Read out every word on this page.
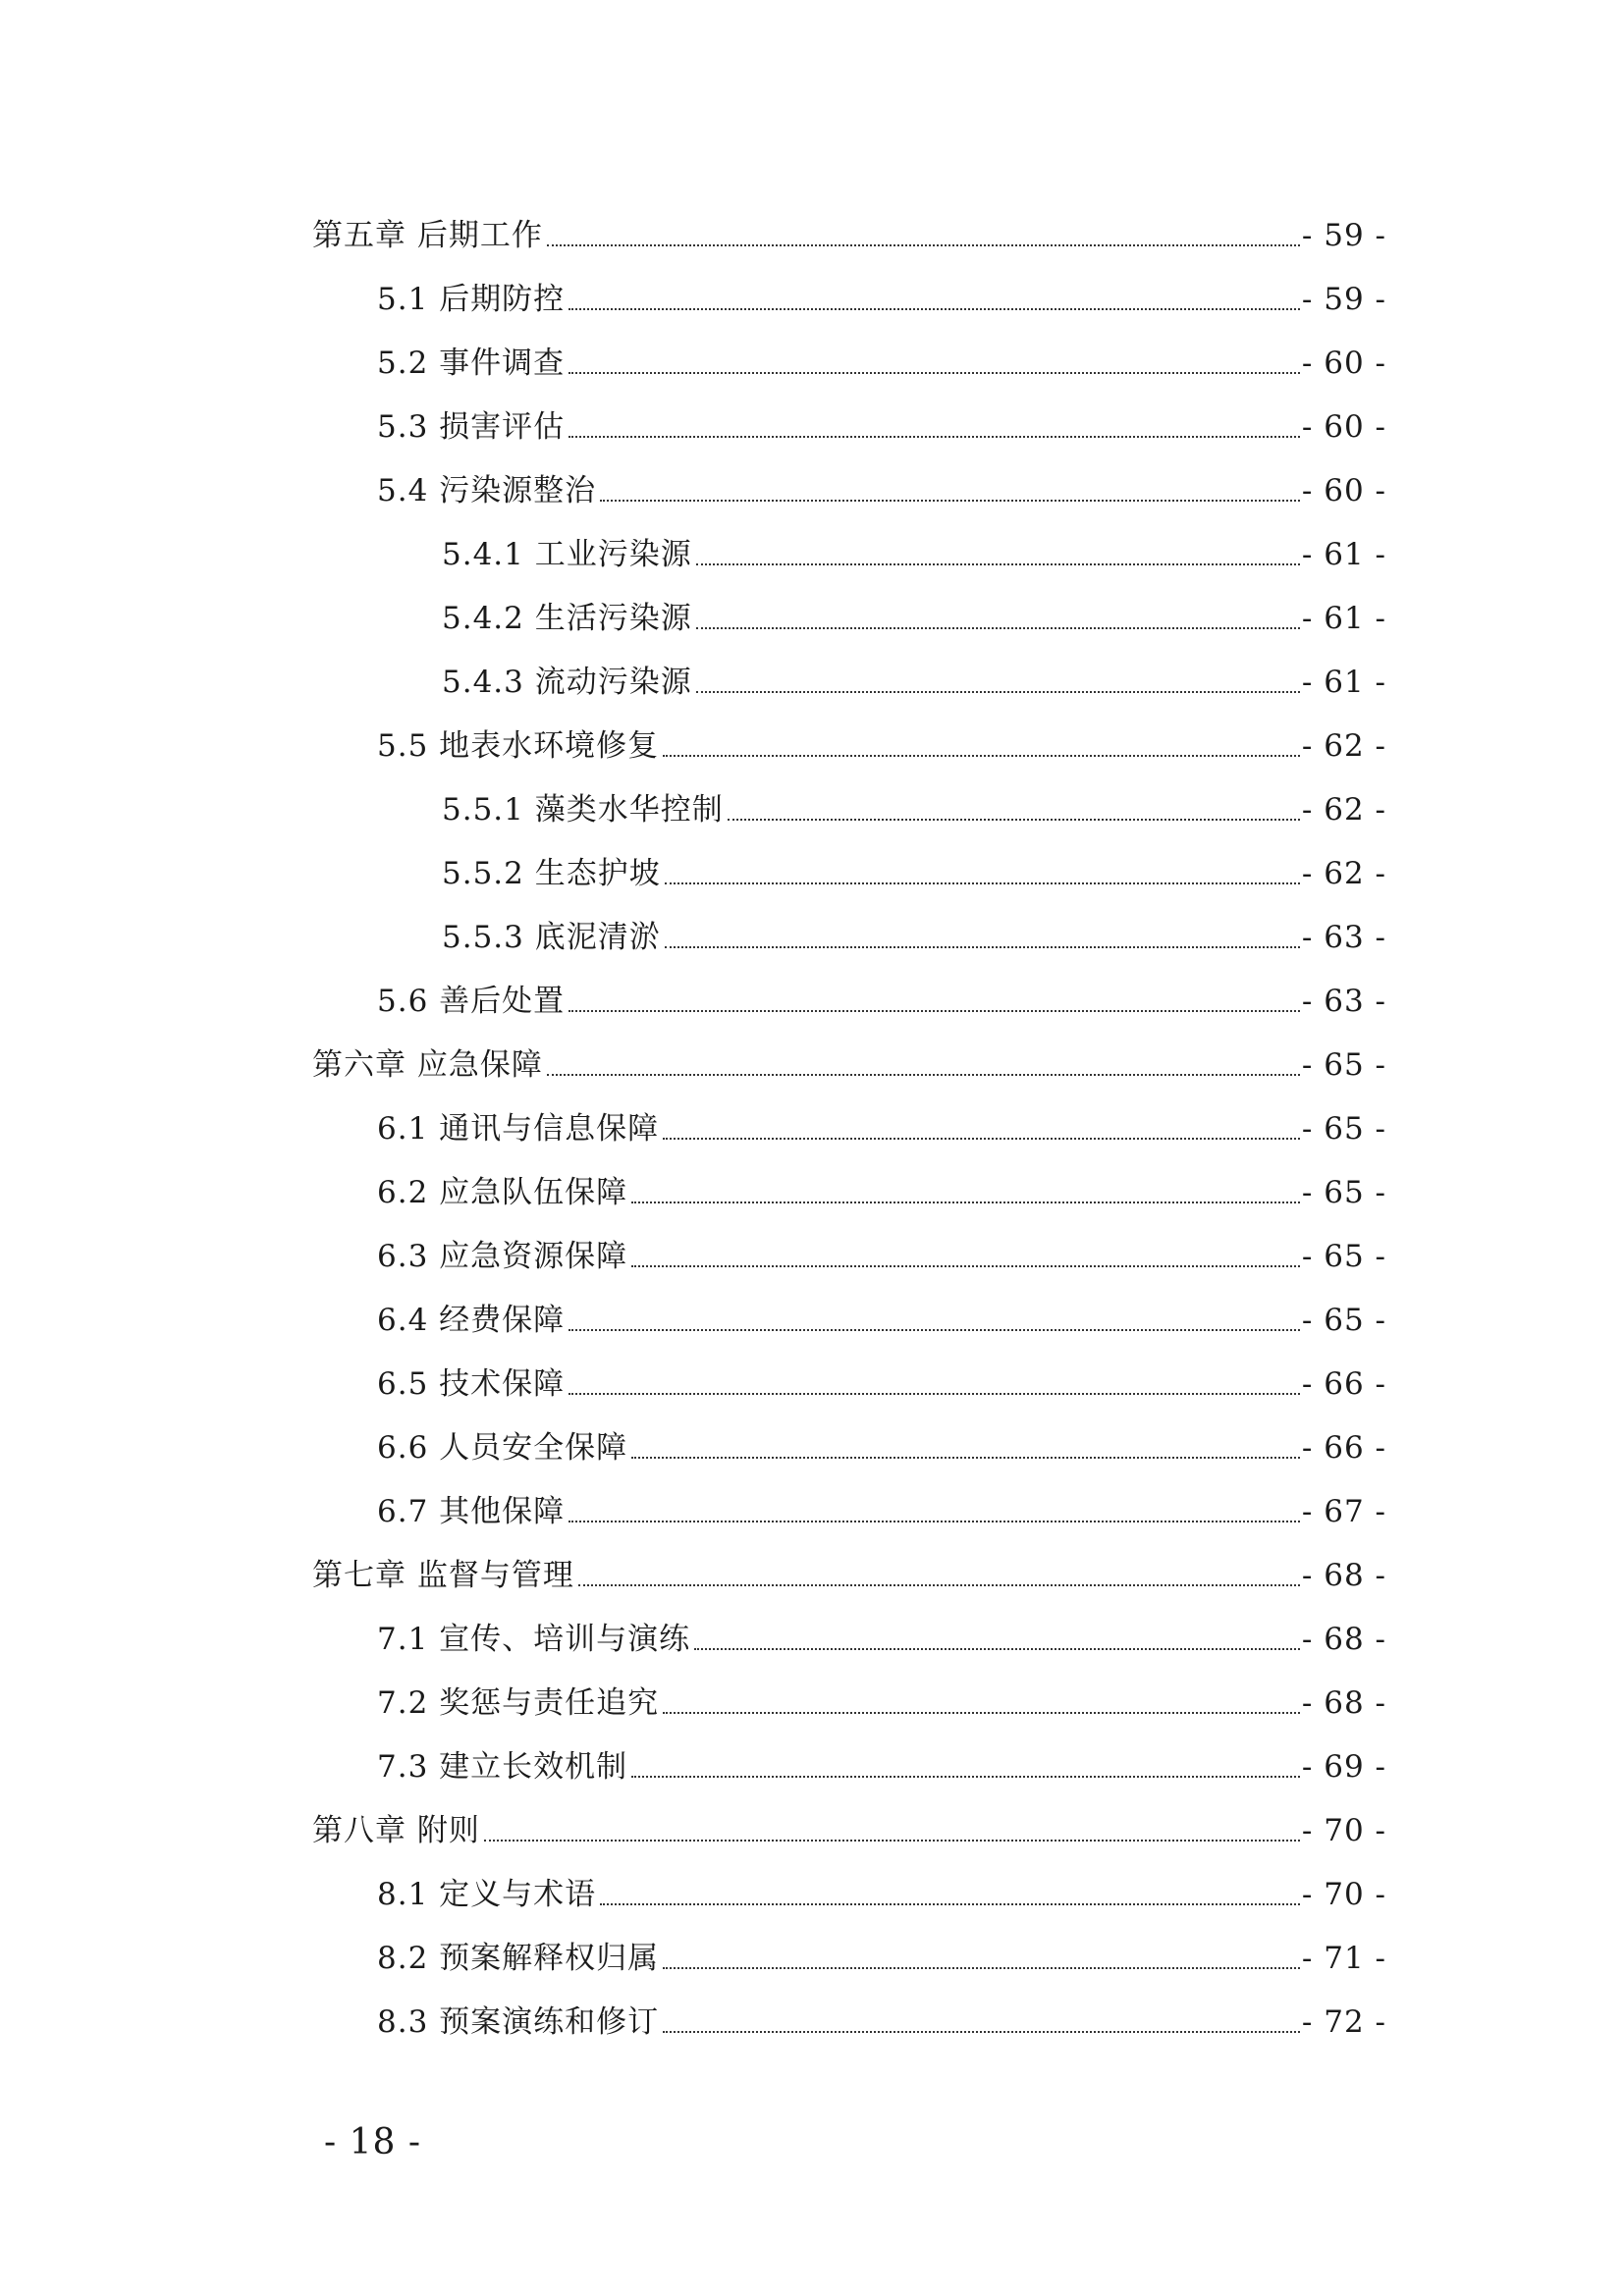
第五章 后期工作	- 59 -
5.1 后期防控	- 59 -
5.2 事件调查	- 60 -
5.3 损害评估	- 60 -
5.4 污染源整治	- 60 -
5.4.1 工业污染源	- 61 -
5.4.2 生活污染源	- 61 -
5.4.3 流动污染源	- 61 -
5.5 地表水环境修复	- 62 -
5.5.1 藻类水华控制	- 62 -
5.5.2 生态护坡	- 62 -
5.5.3 底泥清淤	- 63 -
5.6 善后处置	- 63 -
第六章 应急保障	- 65 -
6.1 通讯与信息保障	- 65 -
6.2 应急队伍保障	- 65 -
6.3 应急资源保障	- 65 -
6.4 经费保障	- 65 -
6.5 技术保障	- 66 -
6.6 人员安全保障	- 66 -
6.7 其他保障	- 67 -
第七章 监督与管理	- 68 -
7.1 宣传、培训与演练	- 68 -
7.2 奖惩与责任追究	- 68 -
7.3 建立长效机制	- 69 -
第八章 附则	- 70 -
8.1 定义与术语	- 70 -
8.2 预案解释权归属	- 71 -
8.3 预案演练和修订	- 72 -
- 18 -
